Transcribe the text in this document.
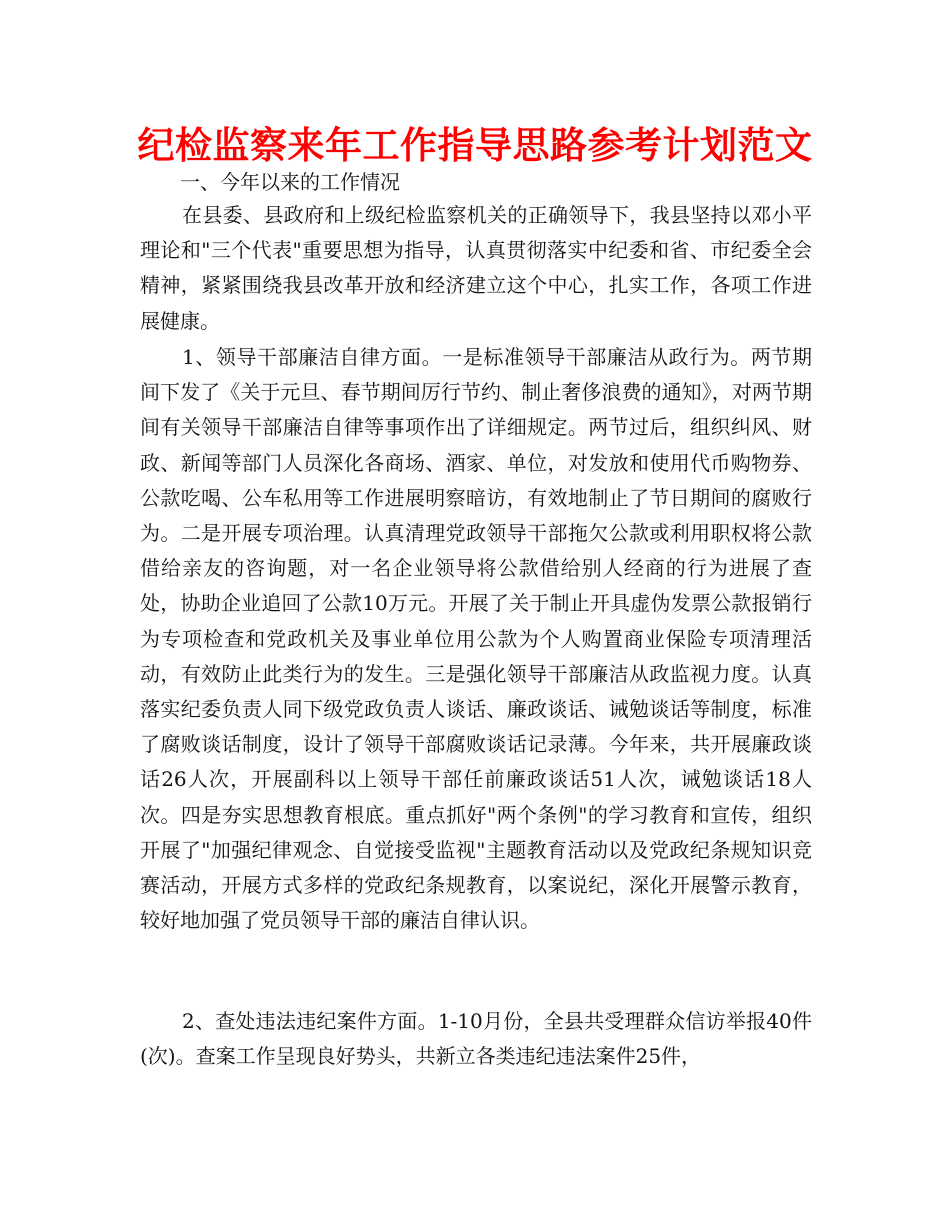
纪检监察来年工作指导思路参考计划范文

一、今年以来的工作情况

在县委、县政府和上级纪检监察机关的正确领导下，我县坚持以邓小平理论和"三个代表"重要思想为指导，认真贯彻落实中纪委和省、市纪委全会精神，紧紧围绕我县改革开放和经济建立这个中心，扎实工作，各项工作进展健康。

1、领导干部廉洁自律方面。一是标准领导干部廉洁从政行为。两节期间下发了《关于元旦、春节期间厉行节约、制止奢侈浪费的通知》，对两节期间有关领导干部廉洁自律等事项作出了详细规定。两节过后，组织纠风、财政、新闻等部门人员深化各商场、酒家、单位，对发放和使用代币购物券、公款吃喝、公车私用等工作进展明察暗访，有效地制止了节日期间的腐败行为。二是开展专项治理。认真清理党政领导干部拖欠公款或利用职权将公款借给亲友的咨询题，对一名企业领导将公款借给别人经商的行为进展了查处，协助企业追回了公款10万元。开展了关于制止开具虚伪发票公款报销行为专项检查和党政机关及事业单位用公款为个人购置商业保险专项清理活动，有效防止此类行为的发生。三是强化领导干部廉洁从政监视力度。认真落实纪委负责人同下级党政负责人谈话、廉政谈话、诫勉谈话等制度，标准了腐败谈话制度，设计了领导干部腐败谈话记录薄。今年来，共开展廉政谈话26人次，开展副科以上领导干部任前廉政谈话51人次，诫勉谈话18人次。四是夯实思想教育根底。重点抓好"两个条例"的学习教育和宣传，组织开展了"加强纪律观念、自觉接受监视"主题教育活动以及党政纪条规知识竞赛活动，开展方式多样的党政纪条规教育，以案说纪，深化开展警示教育，较好地加强了党员领导干部的廉洁自律认识。

2、查处违法违纪案件方面。1-10月份，全县共受理群众信访举报40件(次)。查案工作呈现良好势头，共新立各类违纪违法案件25件，
